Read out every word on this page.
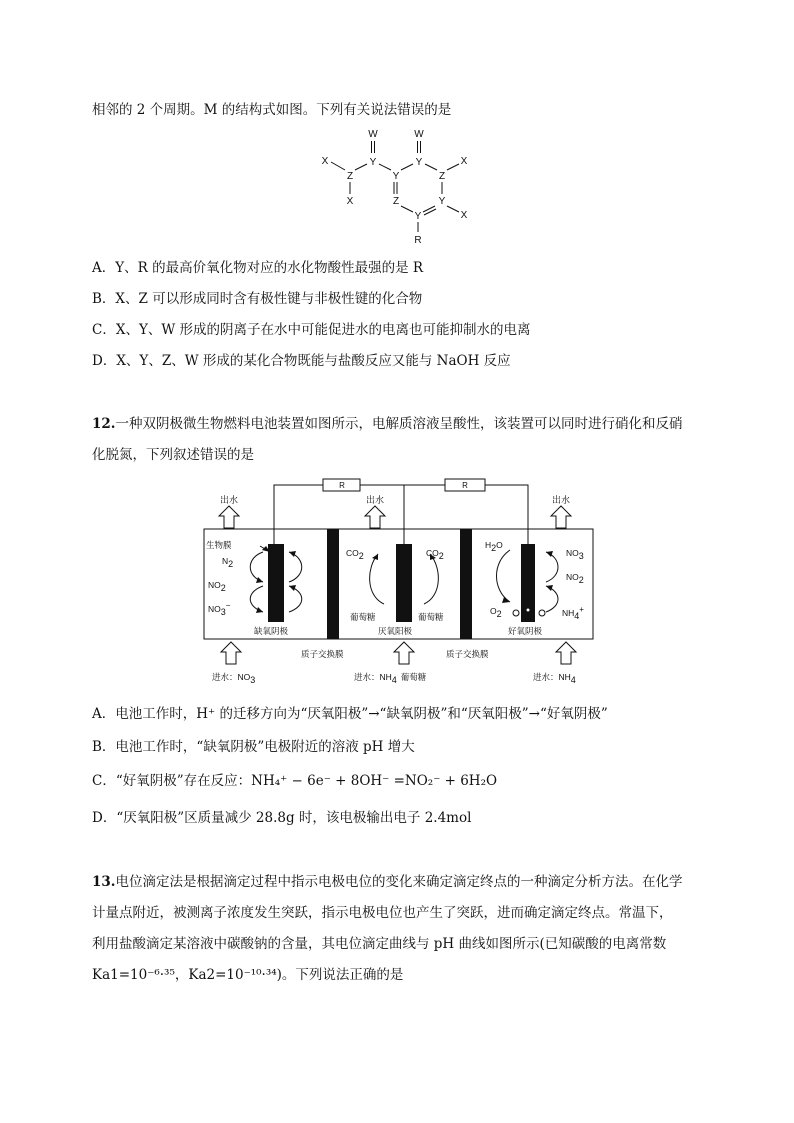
相邻的 2 个周期。M 的结构式如图。下列有关说法错误的是
W	W
X	Y	Y	X
Z	Y	Z
X	Z	Y
Y	X
R
A．Y、R 的最高价氧化物对应的水化物酸性最强的是 R
B．X、Z 可以形成同时含有极性键与非极性键的化合物
C．X、Y、W 形成的阴离子在水中可能促进水的电离也可能抑制水的电离
D．X、Y、Z、W 形成的某化合物既能与盐酸反应又能与 NaOH 反应
12.一种双阴极微生物燃料电池装置如图所示，电解质溶液呈酸性，该装置可以同时进行硝化和反硝
化脱氮，下列叙述错误的是
R	R
出水	出水	出水
生物膜
N2
NO2
NO3−
CO2	CO2
葡萄糖	葡萄糖
H2O
NO3
NO2
O2	NH4+
缺氧阴极	厌氧阳极	好氧阴极
质子交换膜	质子交换膜
进水：NO3	进水：NH4 葡萄糖	进水：NH4
A．电池工作时，H⁺ 的迁移方向为“厌氧阳极”→“缺氧阴极”和“厌氧阳极”→“好氧阴极”
B．电池工作时，“缺氧阴极”电极附近的溶液 pH 增大
C．“好氧阴极”存在反应：NH₄⁺ − 6e⁻ + 8OH⁻ =NO₂⁻ + 6H₂O
D．“厌氧阳极”区质量减少 28.8g 时，该电极输出电子 2.4mol
13.电位滴定法是根据滴定过程中指示电极电位的变化来确定滴定终点的一种滴定分析方法。在化学
计量点附近，被测离子浓度发生突跃，指示电极电位也产生了突跃，进而确定滴定终点。常温下，
利用盐酸滴定某溶液中碳酸钠的含量，其电位滴定曲线与 pH 曲线如图所示(已知碳酸的电离常数
Ka1=10⁻⁶·³⁵，Ka2=10⁻¹⁰·³⁴)。下列说法正确的是
